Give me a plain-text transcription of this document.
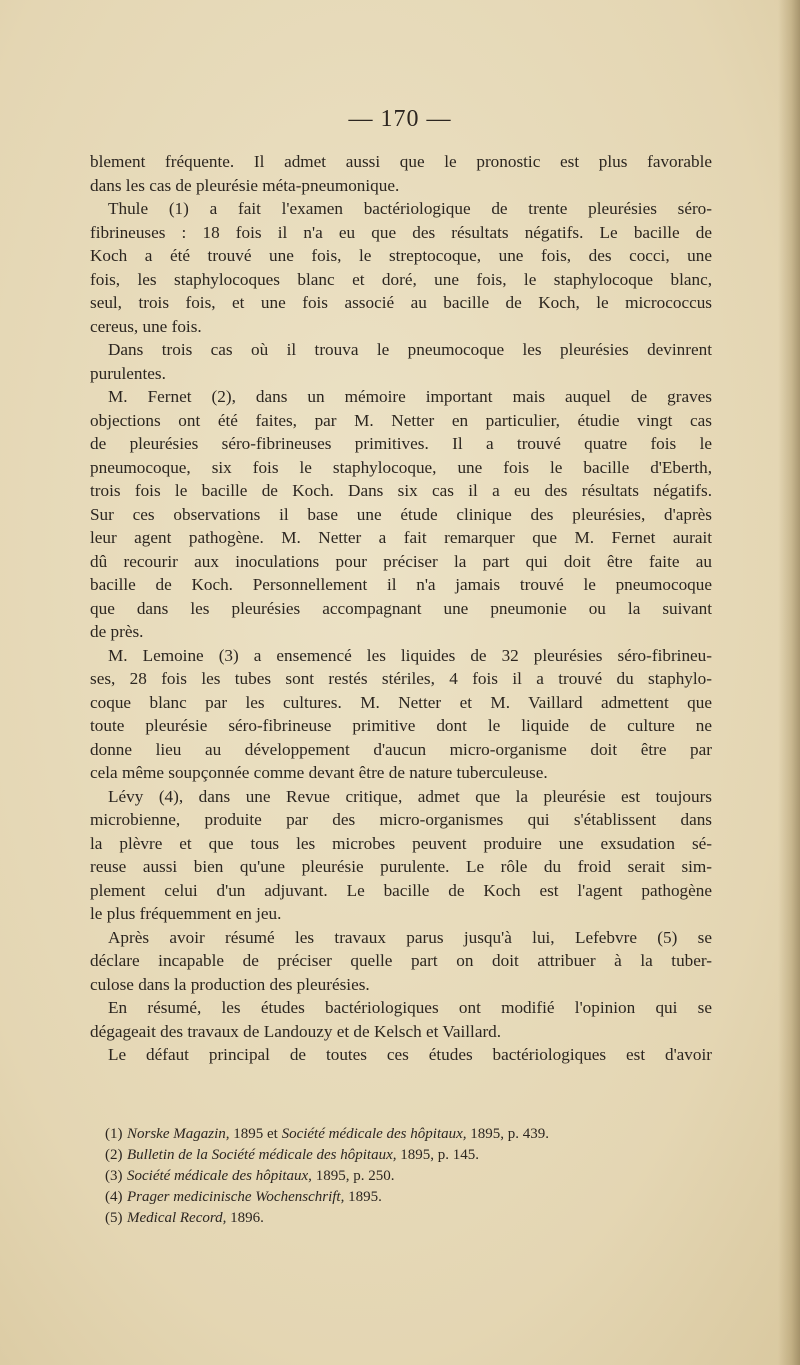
— 170 —
blement fréquente. Il admet aussi que le pronostic est plus favorable
dans les cas de pleurésie méta-pneumonique.
Thule (1) a fait l'examen bactériologique de trente pleurésies séro-
fibrineuses : 18 fois il n'a eu que des résultats négatifs. Le bacille de
Koch a été trouvé une fois, le streptocoque, une fois, des cocci, une
fois, les staphylocoques blanc et doré, une fois, le staphylocoque blanc,
seul, trois fois, et une fois associé au bacille de Koch, le micrococcus
cereus, une fois.
Dans trois cas où il trouva le pneumocoque les pleurésies devinrent
purulentes.
M. Fernet (2), dans un mémoire important mais auquel de graves
objections ont été faites, par M. Netter en particulier, étudie vingt cas
de pleurésies séro-fibrineuses primitives. Il a trouvé quatre fois le
pneumocoque, six fois le staphylocoque, une fois le bacille d'Eberth,
trois fois le bacille de Koch. Dans six cas il a eu des résultats négatifs.
Sur ces observations il base une étude clinique des pleurésies, d'après
leur agent pathogène. M. Netter a fait remarquer que M. Fernet aurait
dû recourir aux inoculations pour préciser la part qui doit être faite au
bacille de Koch. Personnellement il n'a jamais trouvé le pneumocoque
que dans les pleurésies accompagnant une pneumonie ou la suivant
de près.
M. Lemoine (3) a ensemencé les liquides de 32 pleurésies séro-fibrineu-
ses, 28 fois les tubes sont restés stériles, 4 fois il a trouvé du staphylo-
coque blanc par les cultures. M. Netter et M. Vaillard admettent que
toute pleurésie séro-fibrineuse primitive dont le liquide de culture ne
donne lieu au développement d'aucun micro-organisme doit être par
cela même soupçonnée comme devant être de nature tuberculeuse.
Lévy (4), dans une Revue critique, admet que la pleurésie est toujours
microbienne, produite par des micro-organismes qui s'établissent dans
la plèvre et que tous les microbes peuvent produire une exsudation sé-
reuse aussi bien qu'une pleurésie purulente. Le rôle du froid serait sim-
plement celui d'un adjuvant. Le bacille de Koch est l'agent pathogène
le plus fréquemment en jeu.
Après avoir résumé les travaux parus jusqu'à lui, Lefebvre (5) se
déclare incapable de préciser quelle part on doit attribuer à la tuber-
culose dans la production des pleurésies.
En résumé, les études bactériologiques ont modifié l'opinion qui se
dégageait des travaux de Landouzy et de Kelsch et Vaillard.
Le défaut principal de toutes ces études bactériologiques est d'avoir
(1) Norske Magazin, 1895 et Société médicale des hôpitaux, 1895, p. 439.
(2) Bulletin de la Société médicale des hôpitaux, 1895, p. 145.
(3) Société médicale des hôpitaux, 1895, p. 250.
(4) Prager medicinische Wochenschrift, 1895.
(5) Medical Record, 1896.
